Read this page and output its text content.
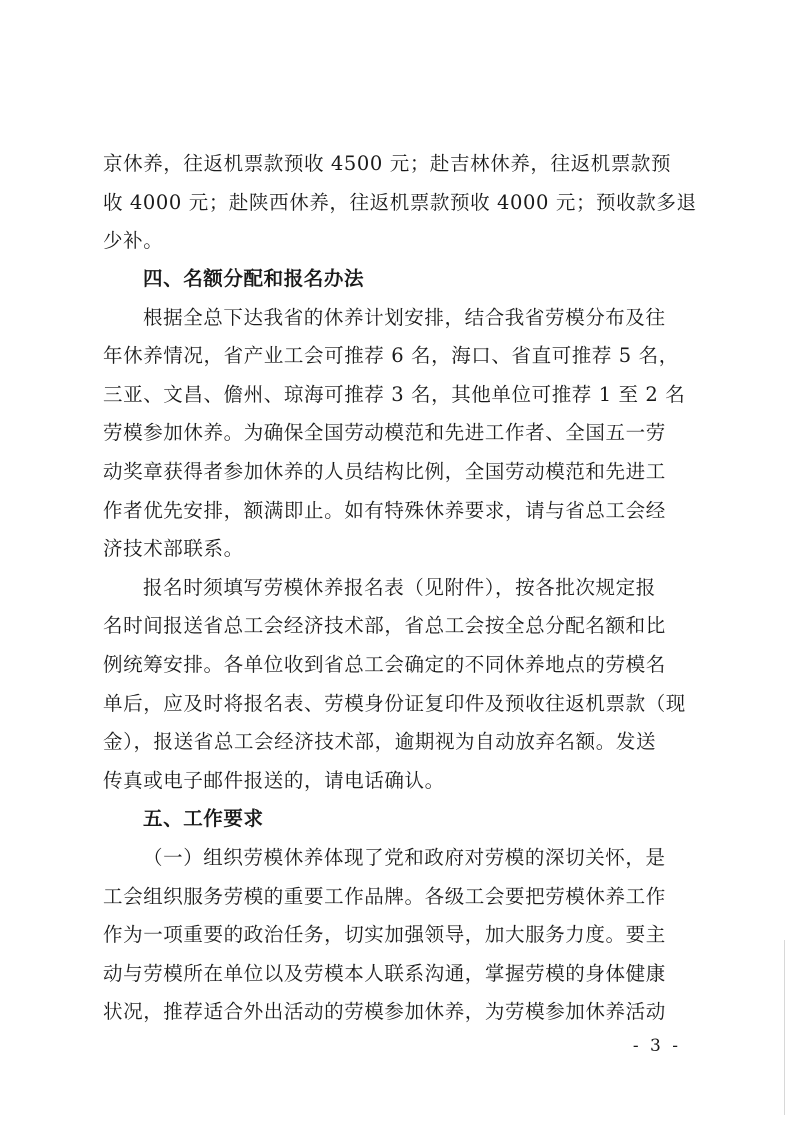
京休养，往返机票款预收 4500 元；赴吉林休养，往返机票款预
收 4000 元；赴陕西休养，往返机票款预收 4000 元；预收款多退
少补。
四、名额分配和报名办法
根据全总下达我省的休养计划安排，结合我省劳模分布及往
年休养情况，省产业工会可推荐 6 名，海口、省直可推荐 5 名，
三亚、文昌、儋州、琼海可推荐 3 名，其他单位可推荐 1 至 2 名
劳模参加休养。为确保全国劳动模范和先进工作者、全国五一劳
动奖章获得者参加休养的人员结构比例，全国劳动模范和先进工
作者优先安排，额满即止。如有特殊休养要求，请与省总工会经
济技术部联系。
报名时须填写劳模休养报名表（见附件），按各批次规定报
名时间报送省总工会经济技术部，省总工会按全总分配名额和比
例统筹安排。各单位收到省总工会确定的不同休养地点的劳模名
单后，应及时将报名表、劳模身份证复印件及预收往返机票款（现
金），报送省总工会经济技术部，逾期视为自动放弃名额。发送
传真或电子邮件报送的，请电话确认。
五、工作要求
（一）组织劳模休养体现了党和政府对劳模的深切关怀，是
工会组织服务劳模的重要工作品牌。各级工会要把劳模休养工作
作为一项重要的政治任务，切实加强领导，加大服务力度。要主
动与劳模所在单位以及劳模本人联系沟通，掌握劳模的身体健康
状况，推荐适合外出活动的劳模参加休养，为劳模参加休养活动
- 3 -
